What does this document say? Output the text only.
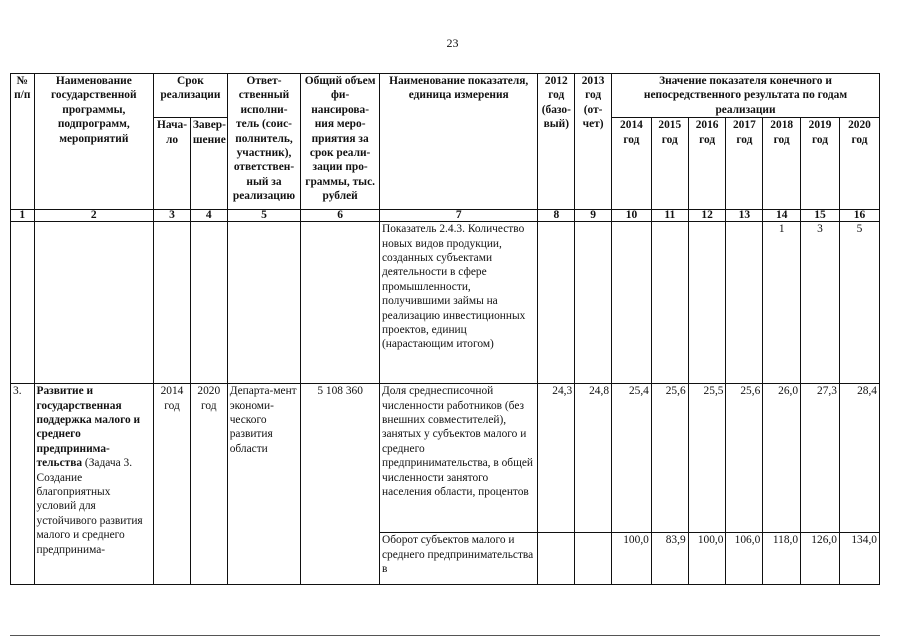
23
№ п/п	Наименование государственной программы, подпрограмм, мероприятий	Срок реализации		Ответ-ственный исполни-тель (соис-полнитель, участник), ответствен-ный за реализацию	Общий объем фи-нансирова-ния меро-приятия за срок реали-зации про-граммы, тыс. рублей	Наименование показателя, единица измерения	2012 год (базо-вый)	2013 год (от-чет)	Значение показателя конечного и непосредственного результата по годам реализации						
		Нача-ло	Завер-шение						2014 год	2015 год	2016 год	2017 год	2018 год	2019 год	2020 год
1	2	3	4	5	6	7	8	9	10	11	12	13	14	15	16
						Показатель 2.4.3. Количество новых видов продукции, созданных субъектами деятельности в сфере промышленности, получившими займы на реализацию инвестиционных проектов, единиц (нарастающим итогом)							1	3	5
3.	Развитие и государственная поддержка малого и среднего предпринима-тельства (Задача 3. Создание благоприятных условий для устойчивого развития малого и среднего предпринима-	2014 год	2020 год	Департа-мент экономи-ческого развития области	5 108 360	Доля среднесписочной численности работников (без внешних совместителей), занятых у субъектов малого и среднего предпринимательства, в общей численности занятого населения области, процентов	24,3	24,8	25,4	25,6	25,5	25,6	26,0	27,3	28,4
						Оборот субъектов малого и среднего предпринимательства в			100,0	83,9	100,0	106,0	118,0	126,0	134,0
